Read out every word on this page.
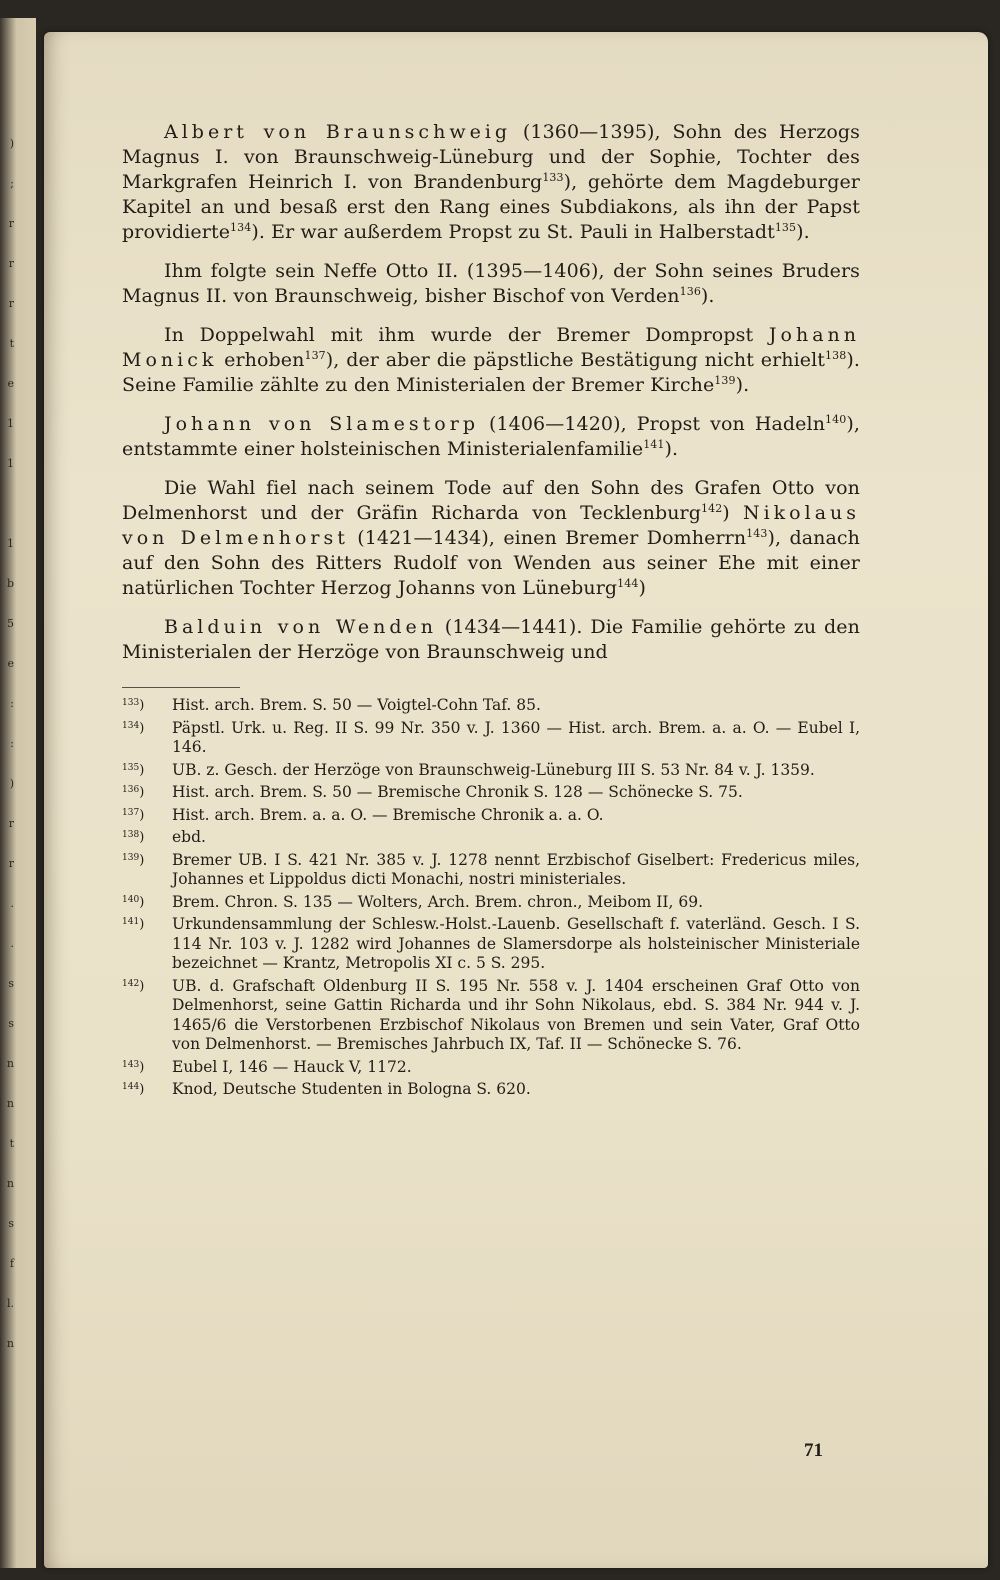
)
;
r
r
r
t
e
1
1
1
b
5
e
:
:
)
r
r
.
.
s
s
n
n
t
n
s
f
l.
n

Albert von Braunschweig (1360—1395), Sohn des Herzogs Magnus I. von Braunschweig-Lüneburg und der Sophie, Tochter des Markgrafen Heinrich I. von Brandenburg$^{133}$), gehörte dem Magdeburger Kapitel an und besaß erst den Rang eines Subdiakons, als ihn der Papst providierte$^{134}$). Er war außerdem Propst zu St. Pauli in Halberstadt$^{135}$).

Ihm folgte sein Neffe Otto II. (1395—1406), der Sohn seines Bruders Magnus II. von Braunschweig, bisher Bischof von Verden$^{136}$).

In Doppelwahl mit ihm wurde der Bremer Dompropst Johann Monick erhoben$^{137}$), der aber die päpstliche Bestätigung nicht erhielt$^{138}$). Seine Familie zählte zu den Ministerialen der Bremer Kirche$^{139}$).

Johann von Slamestorp (1406—1420), Propst von Hadeln$^{140}$), entstammte einer holsteinischen Ministerialenfamilie$^{141}$).

Die Wahl fiel nach seinem Tode auf den Sohn des Grafen Otto von Delmenhorst und der Gräfin Richarda von Tecklenburg$^{142}$) Nikolaus von Delmenhorst (1421—1434), einen Bremer Domherrn$^{143}$), danach auf den Sohn des Ritters Rudolf von Wenden aus seiner Ehe mit einer natürlichen Tochter Herzog Johanns von Lüneburg$^{144}$)

Balduin von Wenden (1434—1441). Die Familie gehörte zu den Ministerialen der Herzöge von Braunschweig und

$^{133}$)	Hist. arch. Brem. S. 50 — Voigtel-Cohn Taf. 85.
$^{134}$)	Päpstl. Urk. u. Reg. II S. 99 Nr. 350 v. J. 1360 — Hist. arch. Brem. a. a. O. — Eubel I, 146.
$^{135}$)	UB. z. Gesch. der Herzöge von Braunschweig-Lüneburg III S. 53 Nr. 84 v. J. 1359.
$^{136}$)	Hist. arch. Brem. S. 50 — Bremische Chronik S. 128 — Schönecke S. 75.
$^{137}$)	Hist. arch. Brem. a. a. O. — Bremische Chronik a. a. O.
$^{138}$)	ebd.
$^{139}$)	Bremer UB. I S. 421 Nr. 385 v. J. 1278 nennt Erzbischof Giselbert: Fredericus miles, Johannes et Lippoldus dicti Monachi, nostri ministeriales.
$^{140}$)	Brem. Chron. S. 135 — Wolters, Arch. Brem. chron., Meibom II, 69.
$^{141}$)	Urkundensammlung der Schlesw.-Holst.-Lauenb. Gesellschaft f. vaterländ. Gesch. I S. 114 Nr. 103 v. J. 1282 wird Johannes de Slamersdorpe als holsteinischer Ministeriale bezeichnet — Krantz, Metropolis XI c. 5 S. 295.
$^{142}$)	UB. d. Grafschaft Oldenburg II S. 195 Nr. 558 v. J. 1404 erscheinen Graf Otto von Delmenhorst, seine Gattin Richarda und ihr Sohn Nikolaus, ebd. S. 384 Nr. 944 v. J. 1465/6 die Verstorbenen Erzbischof Nikolaus von Bremen und sein Vater, Graf Otto von Delmenhorst. — Bremisches Jahrbuch IX, Taf. II — Schönecke S. 76.
$^{143}$)	Eubel I, 146 — Hauck V, 1172.
$^{144}$)	Knod, Deutsche Studenten in Bologna S. 620.
71
